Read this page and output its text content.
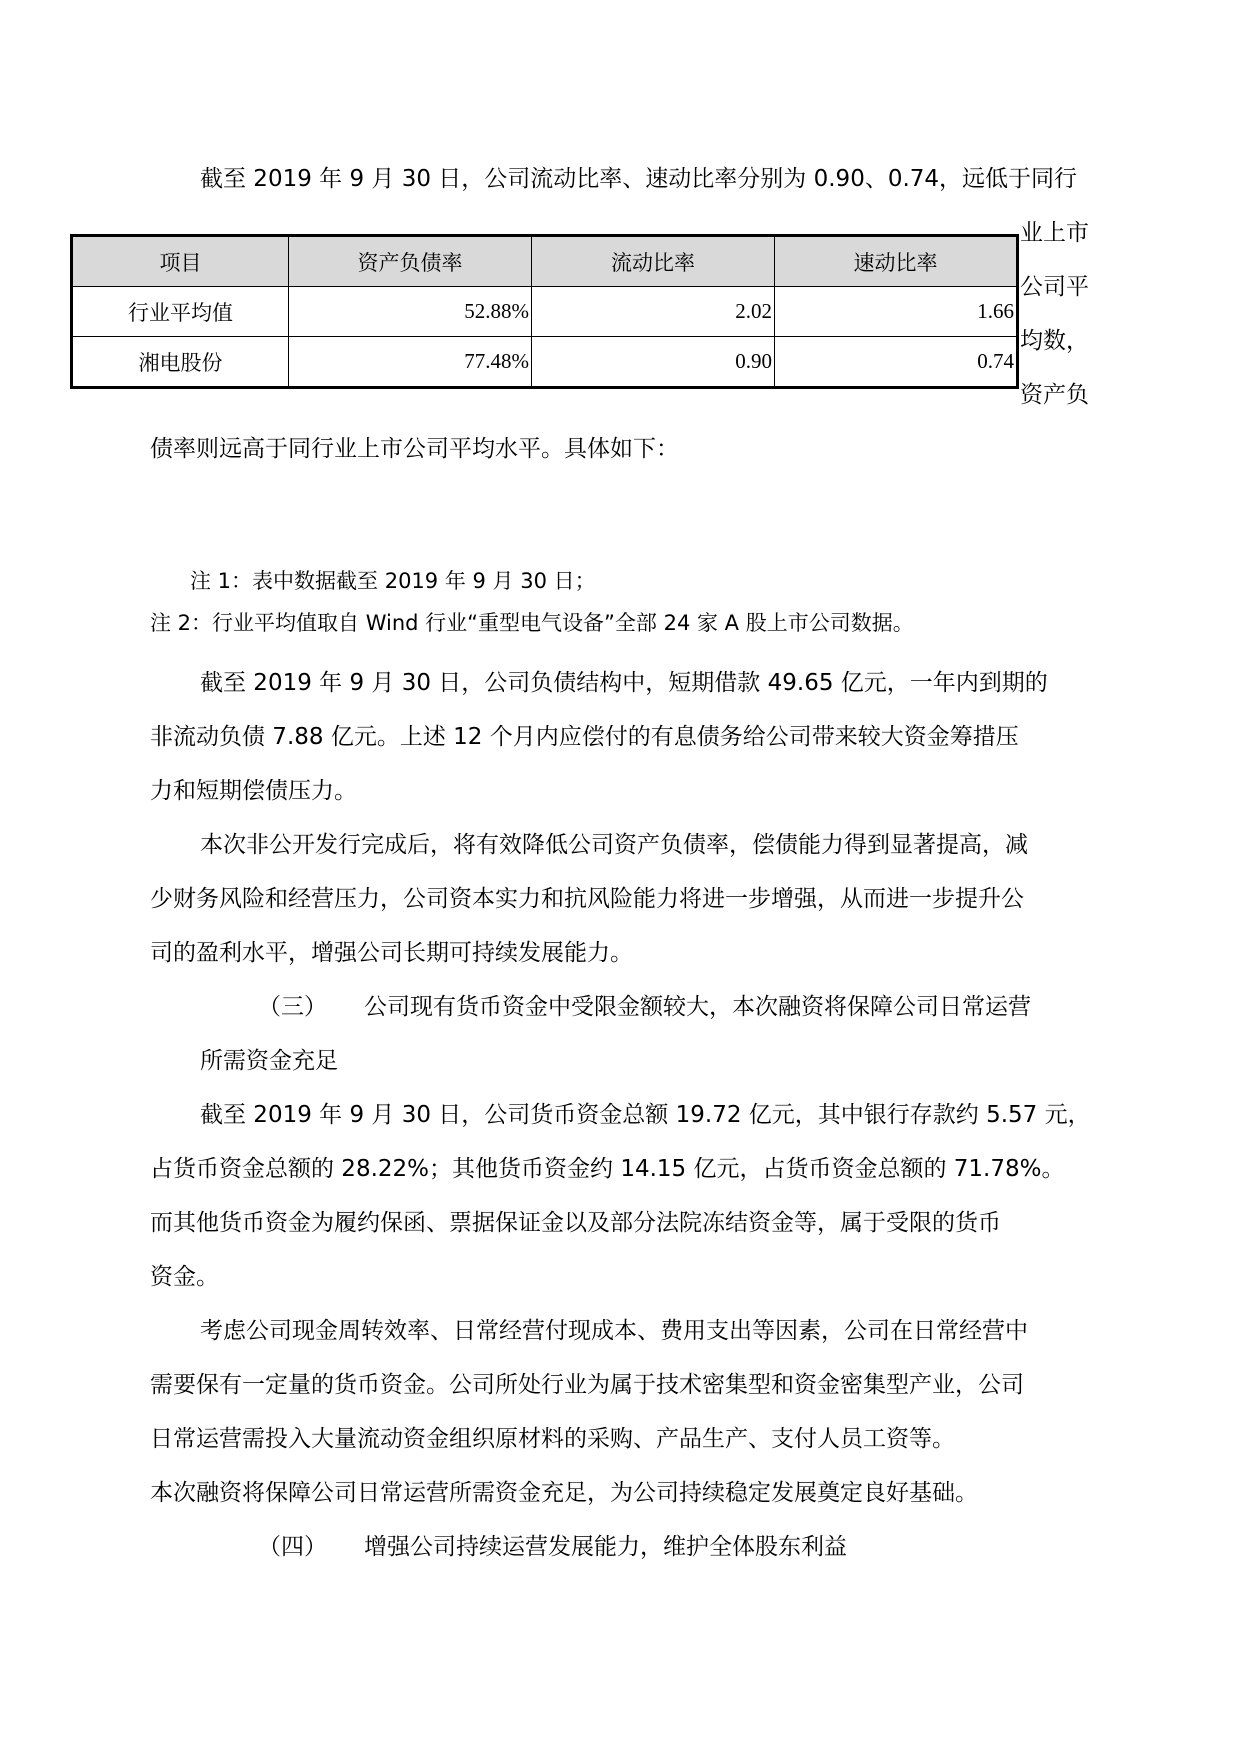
截至 2019 年 9 月 30 日，公司流动比率、速动比率分别为 0.90、0.74，远低于同行
业上市
公司平
均数，
资产负
债率则远高于同行业上市公司平均水平。具体如下：
项目	资产负债率	流动比率	速动比率
行业平均值	52.88%	2.02	1.66
湘电股份	77.48%	0.90	0.74
注 1：表中数据截至 2019 年 9 月 30 日；
注 2：行业平均值取自 Wind 行业“重型电气设备”全部 24 家 A 股上市公司数据。
截至 2019 年 9 月 30 日，公司负债结构中，短期借款 49.65 亿元，一年内到期的
非流动负债 7.88 亿元。上述 12 个月内应偿付的有息债务给公司带来较大资金筹措压
力和短期偿债压力。
本次非公开发行完成后，将有效降低公司资产负债率，偿债能力得到显著提高，减
少财务风险和经营压力，公司资本实力和抗风险能力将进一步增强，从而进一步提升公
司的盈利水平，增强公司长期可持续发展能力。
（三） 公司现有货币资金中受限金额较大，本次融资将保障公司日常运营
所需资金充足
截至 2019 年 9 月 30 日，公司货币资金总额 19.72 亿元，其中银行存款约 5.57 元，
占货币资金总额的 28.22%；其他货币资金约 14.15 亿元，占货币资金总额的 71.78%。
而其他货币资金为履约保函、票据保证金以及部分法院冻结资金等，属于受限的货币
资金。
考虑公司现金周转效率、日常经营付现成本、费用支出等因素，公司在日常经营中
需要保有一定量的货币资金。公司所处行业为属于技术密集型和资金密集型产业，公司
日常运营需投入大量流动资金组织原材料的采购、产品生产、支付人员工资等。
本次融资将保障公司日常运营所需资金充足，为公司持续稳定发展奠定良好基础。
（四） 增强公司持续运营发展能力，维护全体股东利益
